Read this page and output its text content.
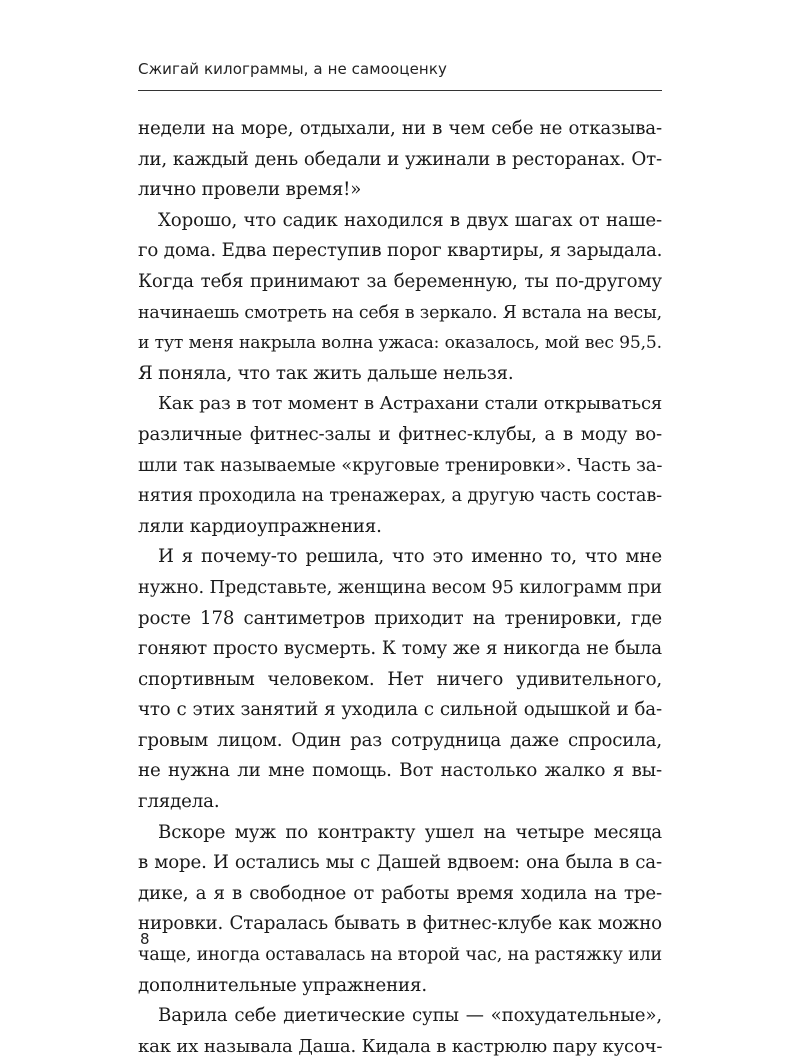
Сжигай килограммы, а не самооценку
недели на море, отдыхали, ни в чем себе не отказыва-
ли, каждый день обедали и ужинали в ресторанах. От-
лично провели время!»
Хорошо, что садик находился в двух шагах от наше-
го дома. Едва переступив порог квартиры, я зарыдала.
Когда тебя принимают за беременную, ты по-другому
начинаешь смотреть на себя в зеркало. Я встала на весы,
и тут меня накрыла волна ужаса: оказалось, мой вес 95,5.
Я поняла, что так жить дальше нельзя.
Как раз в тот момент в Астрахани стали открываться
различные фитнес-залы и фитнес-клубы, а в моду во-
шли так называемые «круговые тренировки». Часть за-
нятия проходила на тренажерах, а другую часть состав-
ляли кардиоупражнения.
И я почему-то решила, что это именно то, что мне
нужно. Представьте, женщина весом 95 килограмм при
росте 178 сантиметров приходит на тренировки, где
гоняют просто вусмерть. К тому же я никогда не была
спортивным человеком. Нет ничего удивительного,
что с этих занятий я уходила с сильной одышкой и ба-
гровым лицом. Один раз сотрудница даже спросила,
не нужна ли мне помощь. Вот настолько жалко я вы-
глядела.
Вскоре муж по контракту ушел на четыре месяца
в море. И остались мы с Дашей вдвоем: она была в са-
дике, а я в свободное от работы время ходила на тре-
нировки. Старалась бывать в фитнес-клубе как можно
чаще, иногда оставалась на второй час, на растяжку или
дополнительные упражнения.
Варила себе диетические супы — «похудательные»,
как их называла Даша. Кидала в кастрюлю пару кусоч-
8
